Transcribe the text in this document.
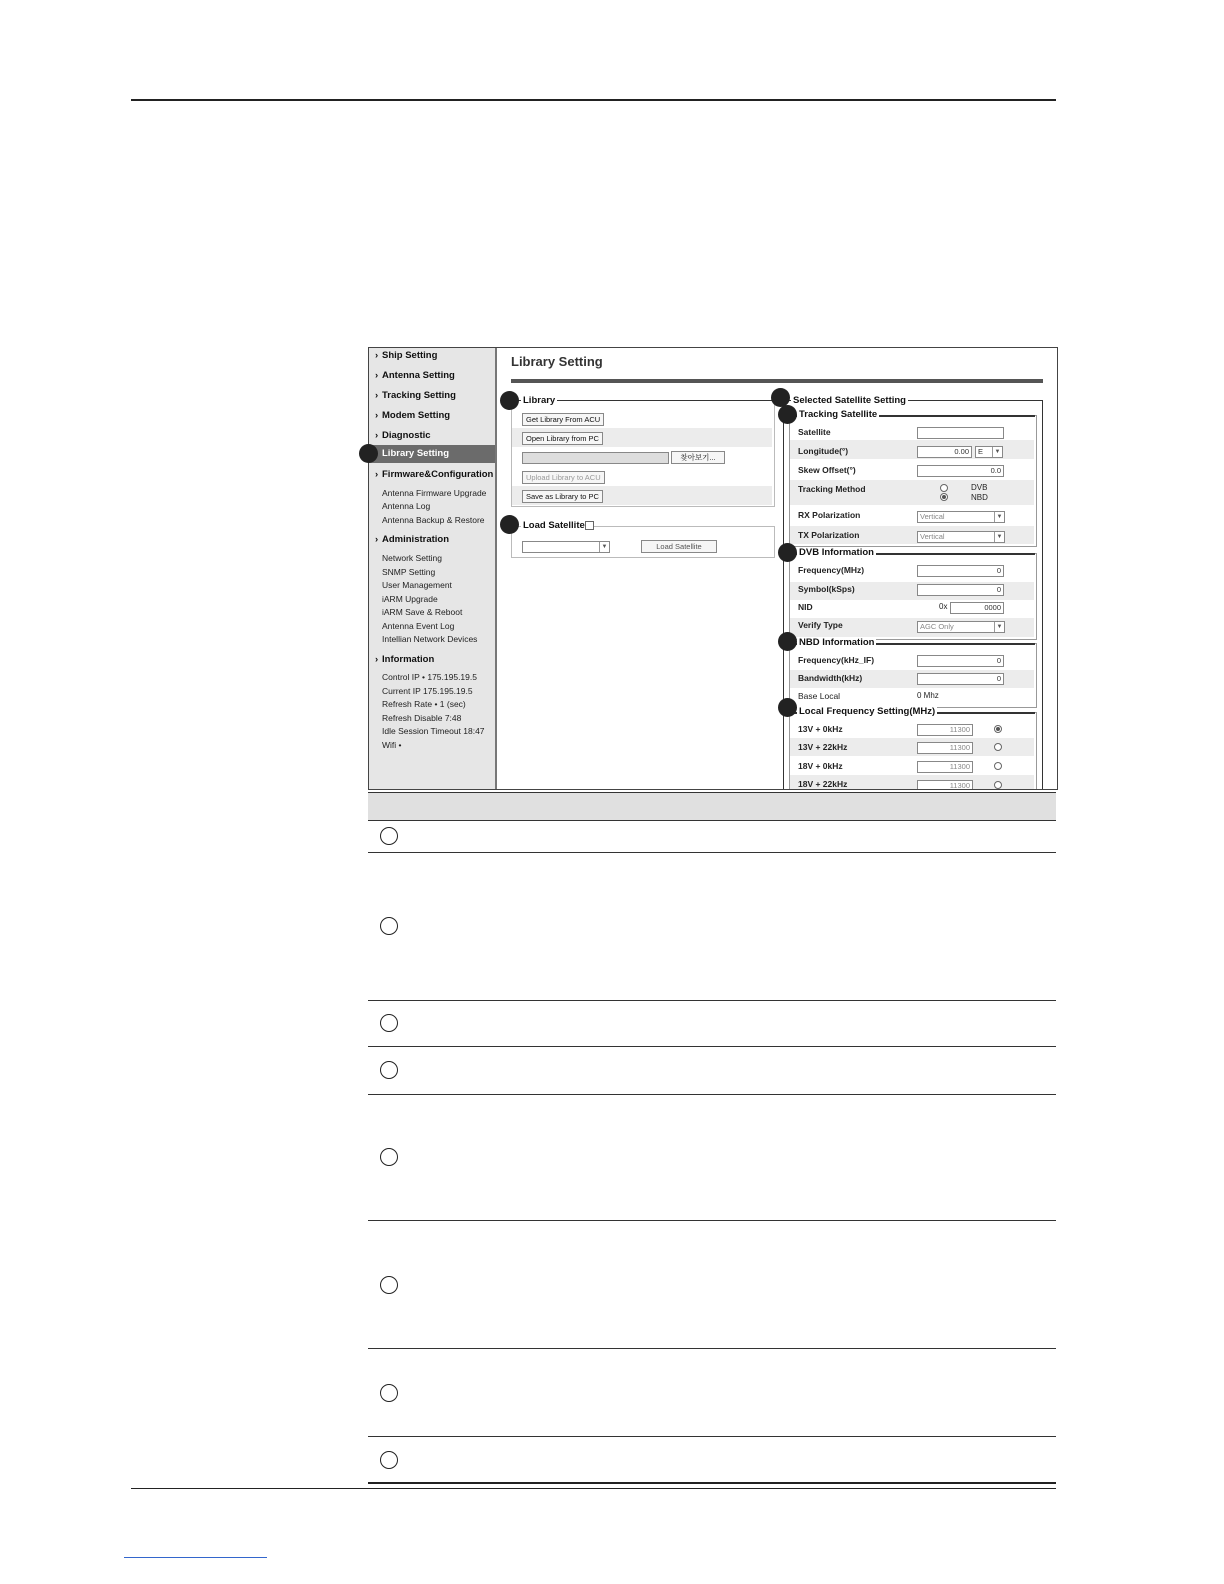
› Ship Setting
› Antenna Setting
› Tracking Setting
› Modem Setting
› Diagnostic
Library Setting
› Firmware&Configuration
Antenna Firmware Upgrade
Antenna Log
Antenna Backup & Restore
› Administration
Network Setting
SNMP Setting
User Management
iARM Upgrade
iARM Save & Reboot
Antenna Event Log
Intellian Network Devices
› Information
Control IP • 175.195.19.5
Current IP 175.195.19.5
Refresh Rate • 1 (sec)
Refresh Disable 7:48
Idle Session Timeout 18:47
Wifi •
Library Setting
Library
Get Library From ACU
Open Library from PC
찾아보기...
Upload Library to ACU
Save as Library to PC
Load Satellite
▼	Load Satellite
Selected Satellite Setting
Tracking Satellite
Satellite
Longitude(°)	0.00	E	▼
Skew Offset(°)	0.0
Tracking Method	DVB
NBD
RX Polarization	Vertical	▼
TX Polarization	Vertical	▼
DVB Information
Frequency(MHz)	0
Symbol(kSps)	0
NID	0x	0000
Verify Type	AGC Only	▼
NBD Information
Frequency(kHz_IF)	0
Bandwidth(kHz)	0
Base Local	0 Mhz
Local Frequency Setting(MHz)
13V + 0kHz	11300
13V + 22kHz	11300
18V + 0kHz	11300
18V + 22kHz	11300
